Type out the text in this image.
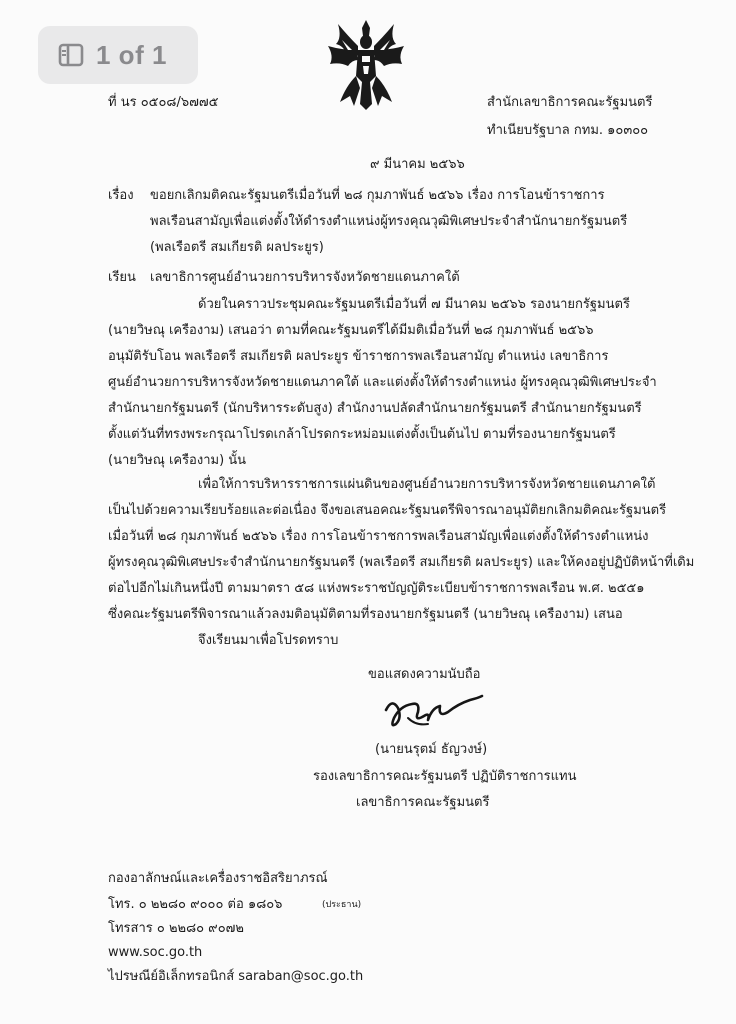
1 of 1
ที่ นร ๐๕๐๘/๖๗๗๕	สำนักเลขาธิการคณะรัฐมนตรี
ทำเนียบรัฐบาล กทม. ๑๐๓๐๐
๙ มีนาคม ๒๕๖๖
เรื่อง ขอยกเลิกมติคณะรัฐมนตรีเมื่อวันที่ ๒๘ กุมภาพันธ์ ๒๕๖๖ เรื่อง การโอนข้าราชการ
พลเรือนสามัญเพื่อแต่งตั้งให้ดำรงตำแหน่งผู้ทรงคุณวุฒิพิเศษประจำสำนักนายกรัฐมนตรี
(พลเรือตรี สมเกียรติ ผลประยูร)
เรียน เลขาธิการศูนย์อำนวยการบริหารจังหวัดชายแดนภาคใต้
ด้วยในคราวประชุมคณะรัฐมนตรีเมื่อวันที่ ๗ มีนาคม ๒๕๖๖ รองนายกรัฐมนตรี
(นายวิษณุ เครืองาม) เสนอว่า ตามที่คณะรัฐมนตรีได้มีมติเมื่อวันที่ ๒๘ กุมภาพันธ์ ๒๕๖๖
อนุมัติรับโอน พลเรือตรี สมเกียรติ ผลประยูร ข้าราชการพลเรือนสามัญ ตำแหน่ง เลขาธิการ
ศูนย์อำนวยการบริหารจังหวัดชายแดนภาคใต้ และแต่งตั้งให้ดำรงตำแหน่ง ผู้ทรงคุณวุฒิพิเศษประจำ
สำนักนายกรัฐมนตรี (นักบริหารระดับสูง) สำนักงานปลัดสำนักนายกรัฐมนตรี สำนักนายกรัฐมนตรี
ตั้งแต่วันที่ทรงพระกรุณาโปรดเกล้าโปรดกระหม่อมแต่งตั้งเป็นต้นไป ตามที่รองนายกรัฐมนตรี
(นายวิษณุ เครืองาม) นั้น
เพื่อให้การบริหารราชการแผ่นดินของศูนย์อำนวยการบริหารจังหวัดชายแดนภาคใต้
เป็นไปด้วยความเรียบร้อยและต่อเนื่อง จึงขอเสนอคณะรัฐมนตรีพิจารณาอนุมัติยกเลิกมติคณะรัฐมนตรี
เมื่อวันที่ ๒๘ กุมภาพันธ์ ๒๕๖๖ เรื่อง การโอนข้าราชการพลเรือนสามัญเพื่อแต่งตั้งให้ดำรงตำแหน่ง
ผู้ทรงคุณวุฒิพิเศษประจำสำนักนายกรัฐมนตรี (พลเรือตรี สมเกียรติ ผลประยูร) และให้คงอยู่ปฏิบัติหน้าที่เดิม
ต่อไปอีกไม่เกินหนึ่งปี ตามมาตรา ๕๘ แห่งพระราชบัญญัติระเบียบข้าราชการพลเรือน พ.ศ. ๒๕๕๑
ซึ่งคณะรัฐมนตรีพิจารณาแล้วลงมติอนุมัติตามที่รองนายกรัฐมนตรี (นายวิษณุ เครืองาม) เสนอ
จึงเรียนมาเพื่อโปรดทราบ
ขอแสดงความนับถือ
(นายนรุตม์ ธัญวงษ์)
รองเลขาธิการคณะรัฐมนตรี ปฏิบัติราชการแทน
เลขาธิการคณะรัฐมนตรี
กองอาลักษณ์และเครื่องราชอิสริยาภรณ์
โทร. ๐ ๒๒๘๐ ๙๐๐๐ ต่อ ๑๘๐๖	(ประธาน)
โทรสาร ๐ ๒๒๘๐ ๙๐๗๒
www.soc.go.th
ไปรษณีย์อิเล็กทรอนิกส์ saraban@soc.go.th
